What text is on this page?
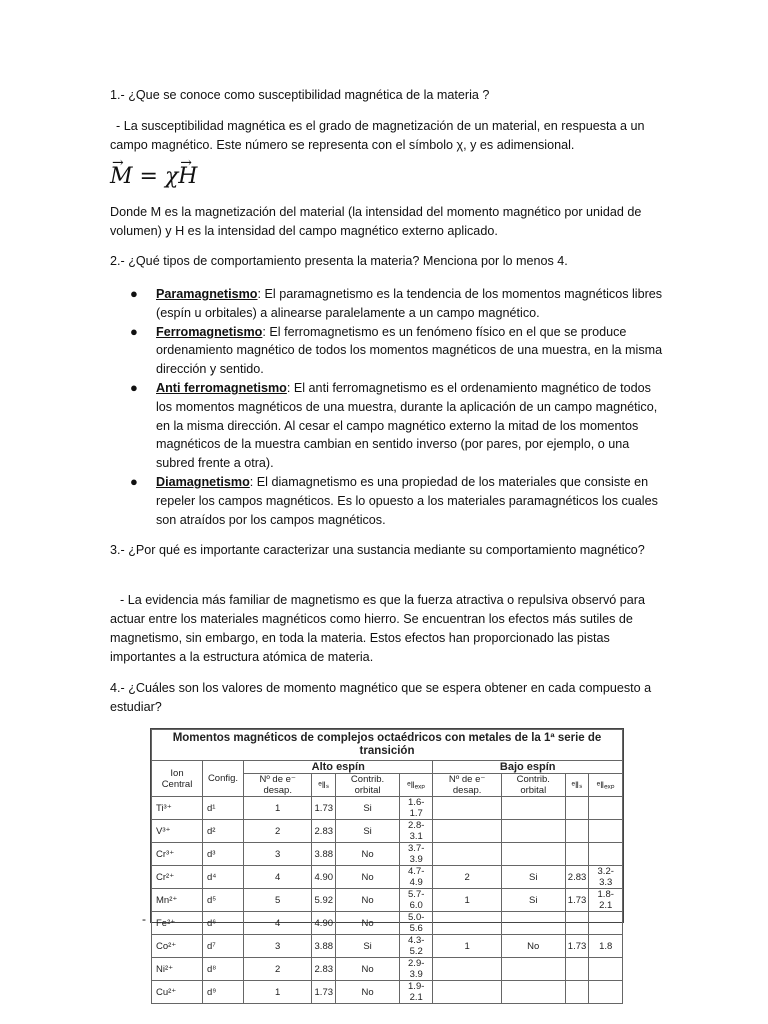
1.- ¿Que se conoce como susceptibilidad magnética de la materia ?

- La susceptibilidad magnética es el grado de magnetización de un material, en respuesta a un campo magnético. Este número se representa con el símbolo χ, y es adimensional.

→ M = χ→ H

Donde M es la magnetización del material (la intensidad del momento magnético por unidad de volumen) y H es la intensidad del campo magnético externo aplicado.

2.- ¿Qué tipos de comportamiento presenta la materia? Menciona por lo menos 4.

● Paramagnetismo: El paramagnetismo es la tendencia de los momentos magnéticos libres (espín u orbitales) a alinearse paralelamente a un campo magnético.
● Ferromagnetismo: El ferromagnetismo es un fenómeno físico en el que se produce ordenamiento magnético de todos los momentos magnéticos de una muestra, en la misma dirección y sentido.
● Anti ferromagnetismo: El anti ferromagnetismo es el ordenamiento magnético de todos los momentos magnéticos de una muestra, durante la aplicación de un campo magnético, en la misma dirección. Al cesar el campo magnético externo la mitad de los momentos magnéticos de la muestra cambian en sentido inverso (por pares, por ejemplo, o una subred frente a otra).
● Diamagnetismo: El diamagnetismo es una propiedad de los materiales que consiste en repeler los campos magnéticos. Es lo opuesto a los materiales paramagnéticos los cuales son atraídos por los campos magnéticos.

3.- ¿Por qué es importante caracterizar una sustancia mediante su comportamiento magnético?

- La evidencia más familiar de magnetismo es que la fuerza atractiva o repulsiva observó para actuar entre los materiales magnéticos como hierro. Se encuentran los efectos más sutiles de magnetismo, sin embargo, en toda la materia. Estos efectos han proporcionado las pistas importantes a la estructura atómica de materia.

4.- ¿Cuáles son los valores de momento magnético que se espera obtener en cada compuesto a estudiar?

Momentos magnéticos de complejos octaédricos con metales de la 1ª serie de transición									
Ion Central	Config.	Alto espín				Bajo espín			
		Nº de e⁻ desap.	ᵉ‖ₛ	Contrib. orbital	ᵉ‖ₑₓₚ	Nº de e⁻ desap.	Contrib. orbital	ᵉ‖ₛ	ᵉ‖ₑₓₚ
Ti³⁺	d¹	1	1.73	Si	1.6-1.7				
V³⁺	d²	2	2.83	Si	2.8-3.1				
Cr³⁺	d³	3	3.88	No	3.7-3.9				
Cr²⁺	d⁴	4	4.90	No	4.7-4.9	2	Si	2.83	3.2-3.3
Mn²⁺	d⁵	5	5.92	No	5.7-6.0	1	Si	1.73	1.8-2.1
Fe²⁺	d⁶	4	4.90	No	5.0-5.6				
Co²⁺	d⁷	3	3.88	Si	4.3-5.2	1	No	1.73	1.8
Ni²⁺	d⁸	2	2.83	No	2.9-3.9				
Cu²⁺	d⁹	1	1.73	No	1.9-2.1				
-
